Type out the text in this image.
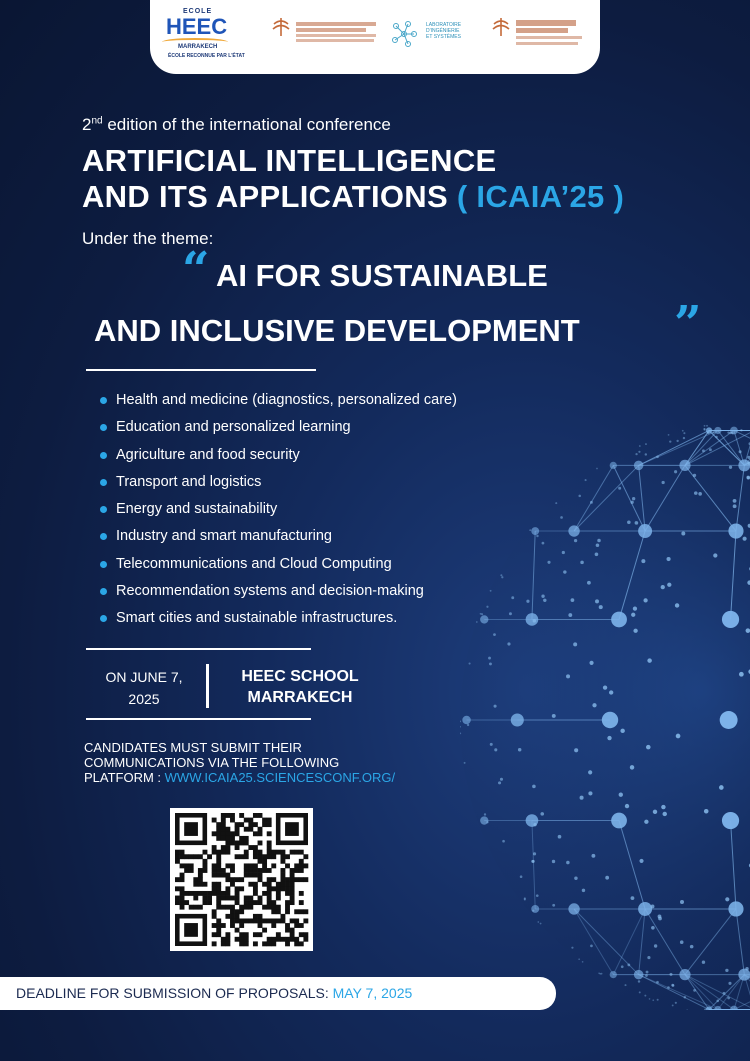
ECOLE
HEEC
MARRAKECH
ÉCOLE RECONNUE PAR L'ÉTAT
LABORATOIRE
D'INGÉNIERIE
ET SYSTÈMES
2nd edition of the international conference
ARTIFICIAL INTELLIGENCE
AND ITS APPLICATIONS ( ICAIA’25 )
Under the theme:
“ AI FOR SUSTAINABLE
AND INCLUSIVE DEVELOPMENT ”
Health and medicine (diagnostics, personalized care)
Education and personalized learning
Agriculture and food security
Transport and logistics
Energy and sustainability
Industry and smart manufacturing
Telecommunications and Cloud Computing
Recommendation systems and decision-making
Smart cities and sustainable infrastructures.
ON JUNE 7,
2025
HEEC SCHOOL
MARRAKECH
CANDIDATES MUST SUBMIT THEIR
COMMUNICATIONS VIA THE FOLLOWING
PLATFORM : WWW.ICAIA25.SCIENCESCONF.ORG/
DEADLINE FOR SUBMISSION OF PROPOSALS: MAY 7, 2025
